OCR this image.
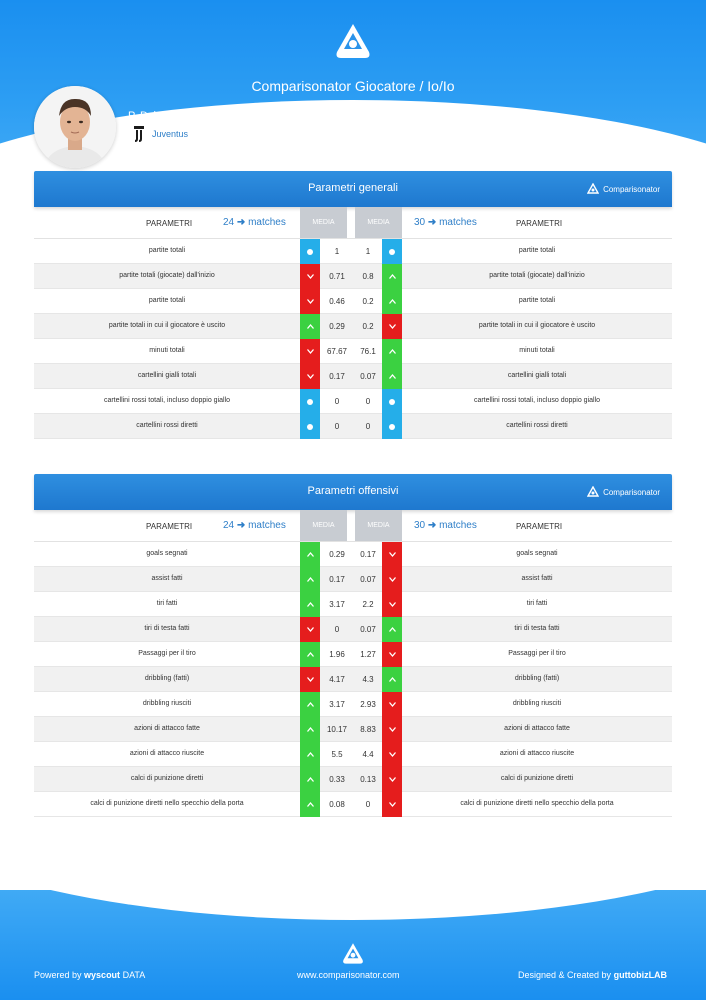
Comparisonator Giocatore / Io/Io
P. Dybala ('93)
Juventus
Parametri generali	Comparisonator
PARAMETRI	24 ➜ matches	MEDIA	MEDIA	30 ➜ matches	PARAMETRI
partite totali	1	1	partite totali
partite totali (giocate) dall'inizio	0.71	0.8	partite totali (giocate) dall'inizio
partite totali	0.46	0.2	partite totali
partite totali in cui il giocatore è uscito	0.29	0.2	partite totali in cui il giocatore è uscito
minuti totali	67.67	76.1	minuti totali
cartellini gialli totali	0.17	0.07	cartellini gialli totali
cartellini rossi totali, incluso doppio giallo	0	0	cartellini rossi totali, incluso doppio giallo
cartellini rossi diretti	0	0	cartellini rossi diretti
Parametri offensivi	Comparisonator
PARAMETRI	24 ➜ matches	MEDIA	MEDIA	30 ➜ matches	PARAMETRI
goals segnati	0.29	0.17	goals segnati
assist fatti	0.17	0.07	assist fatti
tiri fatti	3.17	2.2	tiri fatti
tiri di testa fatti	0	0.07	tiri di testa fatti
Passaggi per il tiro	1.96	1.27	Passaggi per il tiro
dribbling (fatti)	4.17	4.3	dribbling (fatti)
dribbling riusciti	3.17	2.93	dribbling riusciti
azioni di attacco fatte	10.17	8.83	azioni di attacco fatte
azioni di attacco riuscite	5.5	4.4	azioni di attacco riuscite
calci di punizione diretti	0.33	0.13	calci di punizione diretti
calci di punizione diretti nello specchio della porta	0.08	0	calci di punizione diretti nello specchio della porta
Powered by wyscout DATA	www.comparisonator.com	Designed & Created by guttobizLAB
